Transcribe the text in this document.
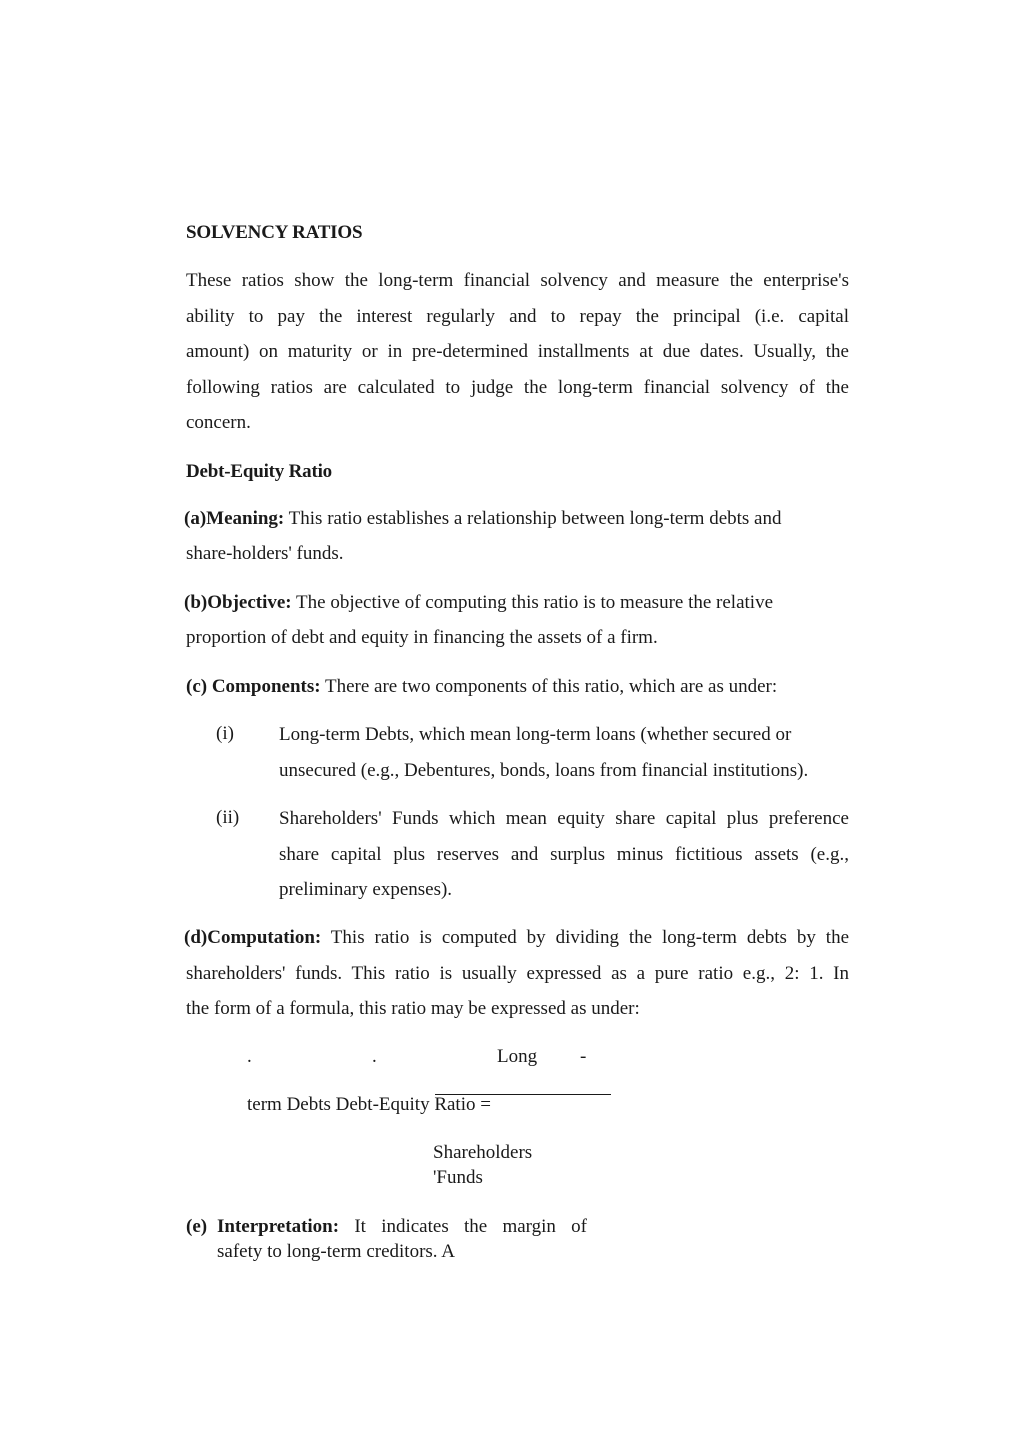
SOLVENCY RATIOS
These ratios show the long-term financial solvency and measure the enterprise's
ability to pay the interest regularly and to repay the principal (i.e. capital
amount) on maturity or in pre-determined installments at due dates. Usually, the
following ratios are calculated to judge the long-term financial solvency of the
concern.
Debt-Equity Ratio
(a)Meaning: This ratio establishes a relationship between long-term debts and
share-holders' funds.
(b)Objective: The objective of computing this ratio is to measure the relative
proportion of debt and equity in financing the assets of a firm.
(c) Components: There are two components of this ratio, which are as under:
(i) Long-term Debts, which mean long-term loans (whether secured or
unsecured (e.g., Debentures, bonds, loans from financial institutions).
(ii) Shareholders' Funds which mean equity share capital plus preference
share capital plus reserves and surplus minus fictitious assets (e.g.,
preliminary expenses).
(d)Computation: This ratio is computed by dividing the long-term debts by the
shareholders' funds. This ratio is usually expressed as a pure ratio e.g., 2: 1. In
the form of a formula, this ratio may be expressed as under:
.	.	Long -
term Debts Debt-Equity Ratio =
Shareholders
'Funds
(e) Interpretation: It indicates the margin of
safety to long-term creditors. A
